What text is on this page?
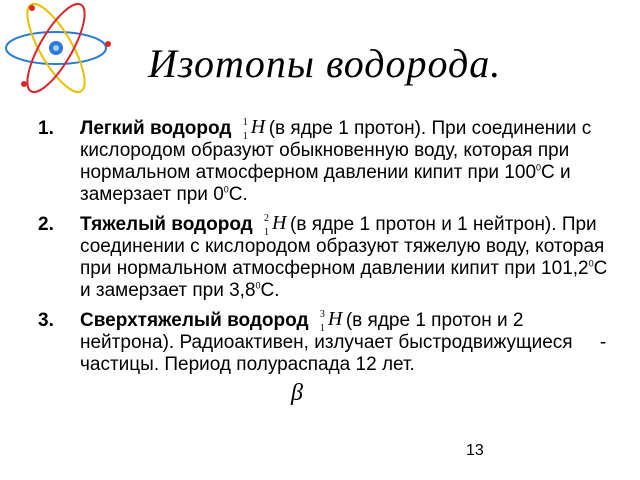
Изотопы водорода.
1. Легкий водород 1
1 H (в ядре 1 протон). При соединении с кислородом образуют обыкновенную воду, которая при нормальном атмосферном давлении кипит при $100^0С$ и замерзает при $0^0С$.
2. Тяжелый водород 2
1 H (в ядре 1 протон и 1 нейтрон). При соединении с кислородом образуют тяжелую воду, которая при нормальном атмосферном давлении кипит при 101,2$^0$С и замерзает при $3,8^0С$.
3. Сверхтяжелый водород 3
1 H (в ядре 1 протон и 2 нейтрона). Радиоактивен, излучает быстродвижущиеся - частицы. Период полураспада 12 лет.
β
13
